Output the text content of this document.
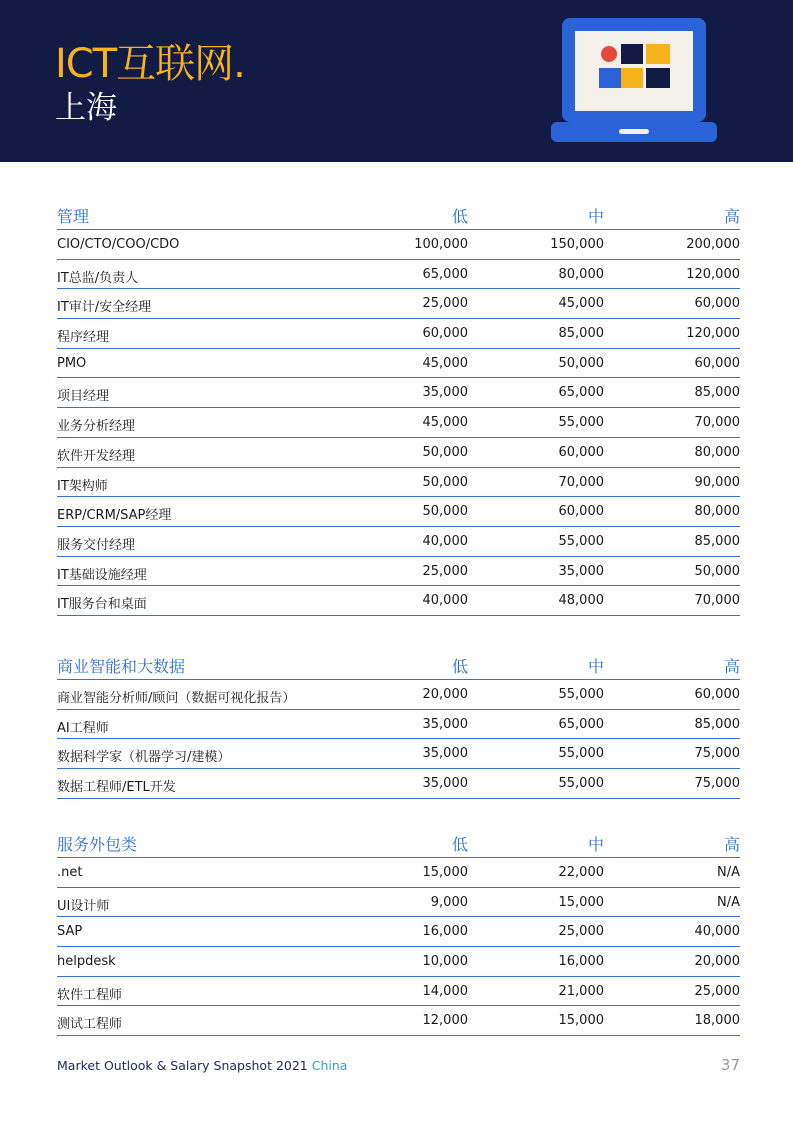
ICT互联网.
上海
管理	低	中	高
CIO/CTO/COO/CDO	100,000	150,000	200,000
IT总监/负责人	65,000	80,000	120,000
IT审计/安全经理	25,000	45,000	60,000
程序经理	60,000	85,000	120,000
PMO	45,000	50,000	60,000
项目经理	35,000	65,000	85,000
业务分析经理	45,000	55,000	70,000
软件开发经理	50,000	60,000	80,000
IT架构师	50,000	70,000	90,000
ERP/CRM/SAP经理	50,000	60,000	80,000
服务交付经理	40,000	55,000	85,000
IT基础设施经理	25,000	35,000	50,000
IT服务台和桌面	40,000	48,000	70,000
商业智能和大数据	低	中	高
商业智能分析师/顾问（数据可视化报告）	20,000	55,000	60,000
AI工程师	35,000	65,000	85,000
数据科学家（机器学习/建模）	35,000	55,000	75,000
数据工程师/ETL开发	35,000	55,000	75,000
服务外包类	低	中	高
.net	15,000	22,000	N/A
UI设计师	9,000	15,000	N/A
SAP	16,000	25,000	40,000
helpdesk	10,000	16,000	20,000
软件工程师	14,000	21,000	25,000
测试工程师	12,000	15,000	18,000
Market Outlook & Salary Snapshot 2021 China	37
